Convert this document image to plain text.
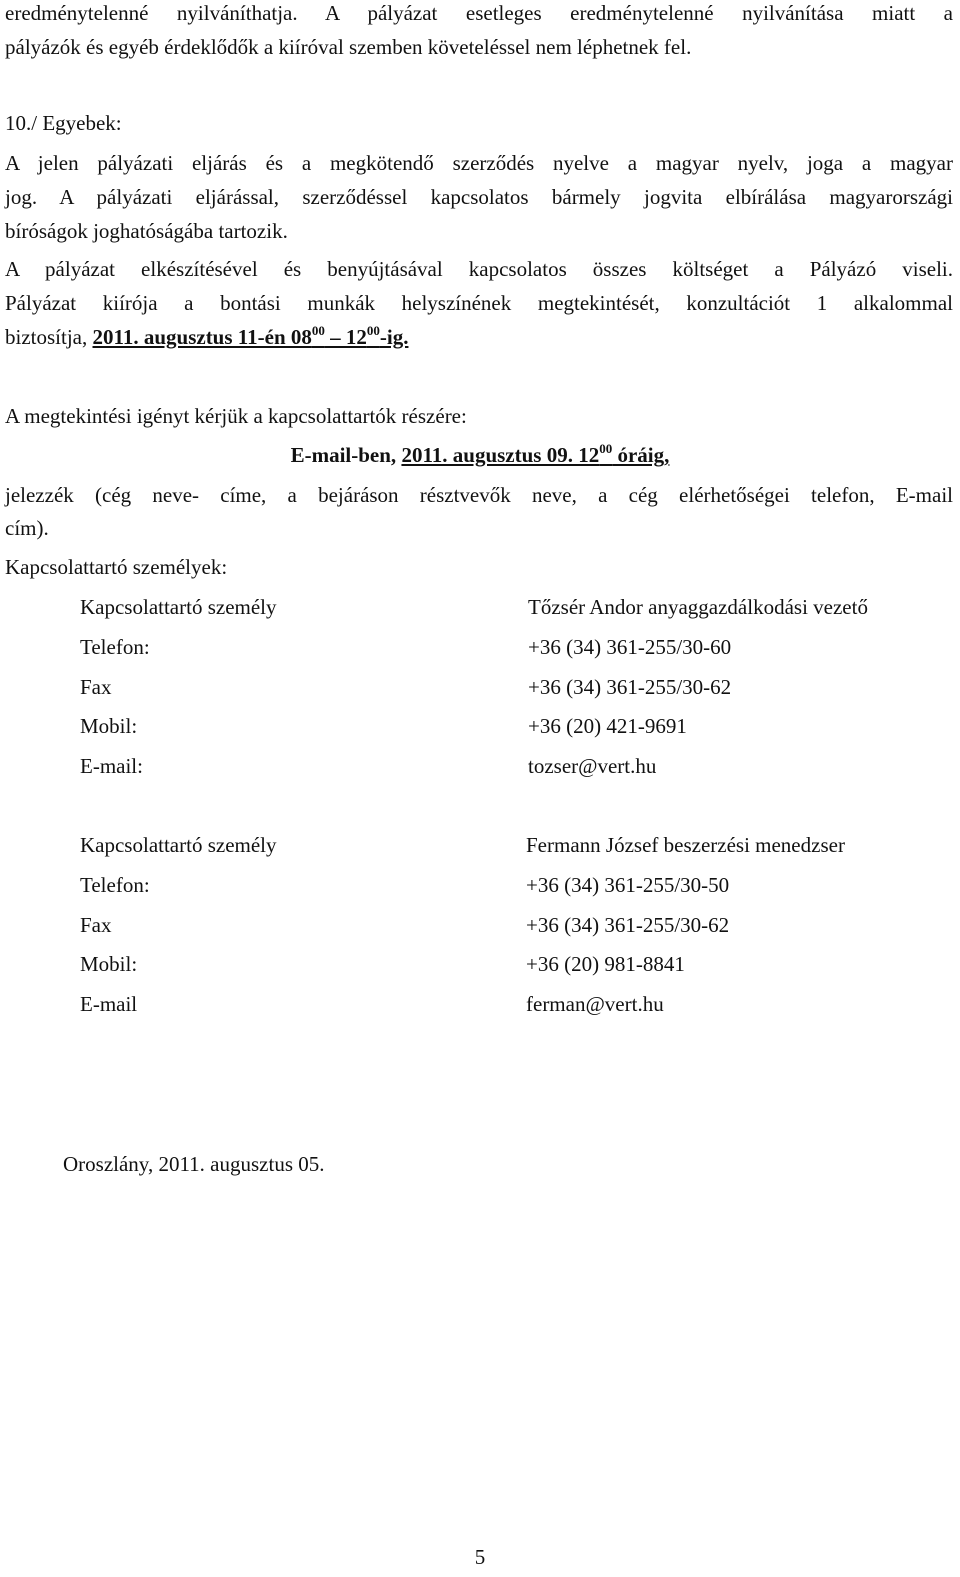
eredménytelenné nyilváníthatja. A pályázat esetleges eredménytelenné nyilvánítása miatt a
pályázók és egyéb érdeklődők a kiíróval szemben követeléssel nem léphetnek fel.
10./ Egyebek:
A jelen pályázati eljárás és a megkötendő szerződés nyelve a magyar nyelv, joga a magyar
jog. A pályázati eljárással, szerződéssel kapcsolatos bármely jogvita elbírálása magyarországi
bíróságok joghatóságába tartozik.
A pályázat elkészítésével és benyújtásával kapcsolatos összes költséget a Pályázó viseli.
Pályázat kiírója a bontási munkák helyszínének megtekintését, konzultációt 1 alkalommal
biztosítja, 2011. augusztus 11-én $08^{00} - 12^{00}-ig$.
A megtekintési igényt kérjük a kapcsolattartók részére:
E-mail-ben, 2011. augusztus 09. $12^{00}$ óráig,
jelezzék (cég neve- címe, a bejáráson résztvevők neve, a cég elérhetőségei telefon, E-mail
cím).
Kapcsolattartó személyek:
Kapcsolattartó személy	Tőzsér Andor anyaggazdálkodási vezető
Telefon:	+36 (34) 361-255/30-60
Fax	+36 (34) 361-255/30-62
Mobil:	+36 (20) 421-9691
E-mail:	tozser@vert.hu
Kapcsolattartó személy	Fermann József beszerzési menedzser
Telefon:	+36 (34) 361-255/30-50
Fax	+36 (34) 361-255/30-62
Mobil:	+36 (20) 981-8841
E-mail	ferman@vert.hu
Oroszlány, 2011. augusztus 05.
5
